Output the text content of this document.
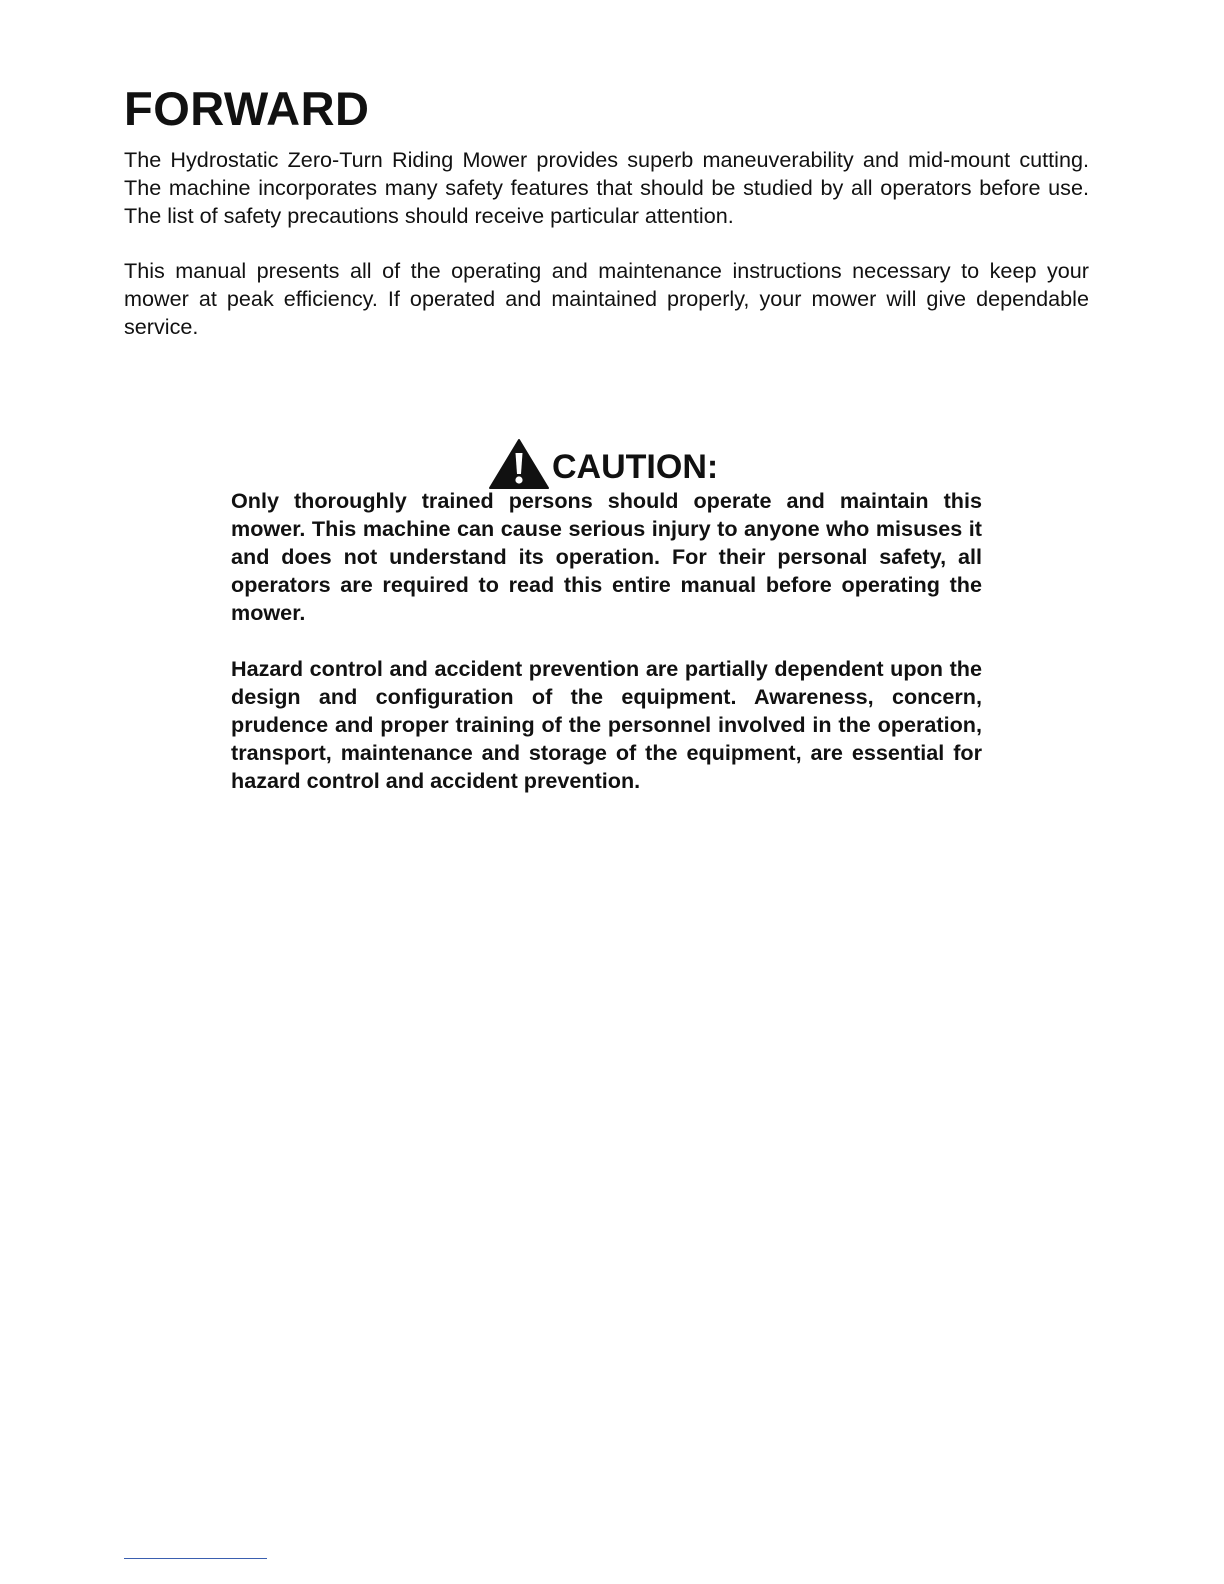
FORWARD

The Hydrostatic Zero-Turn Riding Mower provides superb maneuverability and mid-mount cutting. The machine incorporates many safety features that should be studied by all operators before use. The list of safety precautions should receive particular attention.

This manual presents all of the operating and maintenance instructions necessary to keep your mower at peak efficiency. If operated and maintained properly, your mower will give dependable service.

CAUTION:

Only thoroughly trained persons should operate and maintain this mower. This machine can cause serious injury to anyone who misuses it and does not understand its operation. For their personal safety, all operators are required to read this entire manual before operating the mower.

Hazard control and accident prevention are partially dependent upon the design and configuration of the equipment. Awareness, concern, prudence and proper training of the personnel involved in the operation, transport, maintenance and storage of the equipment, are essential for hazard control and accident prevention.
